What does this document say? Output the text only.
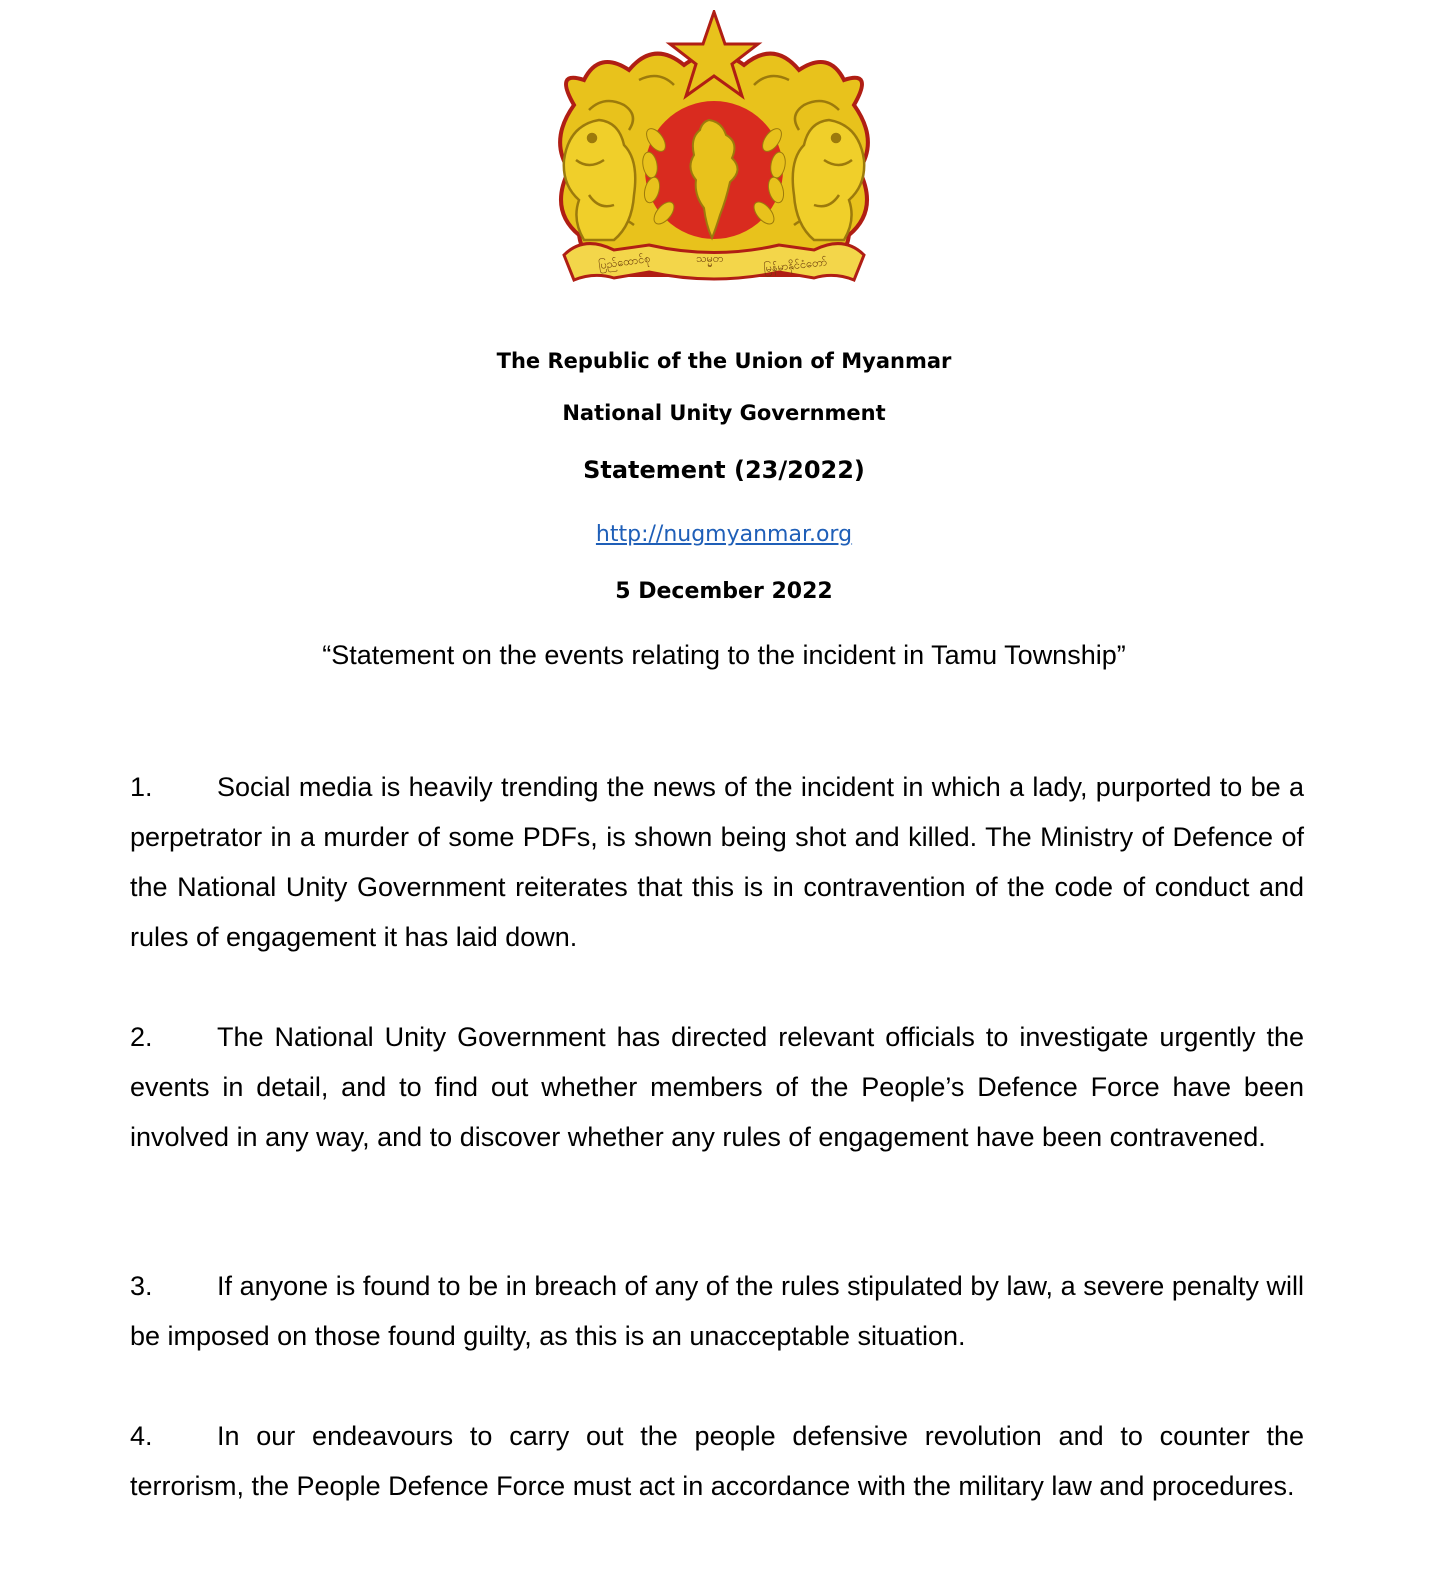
ပြည်ထောင်စု	သမ္မတ	မြန်မာနိုင်ငံတော်
The Republic of the Union of Myanmar
National Unity Government
Statement (23/2022)
http://nugmyanmar.org
5 December 2022
“Statement on the events relating to the incident in Tamu Township”

1. Social media is heavily trending the news of the incident in which a lady, purported to be a perpetrator in a murder of some PDFs, is shown being shot and killed. The Ministry of Defence of the National Unity Government reiterates that this is in contravention of the code of conduct and rules of engagement it has laid down.

2. The National Unity Government has directed relevant officials to investigate urgently the events in detail, and to find out whether members of the People’s Defence Force have been involved in any way, and to discover whether any rules of engagement have been contravened.

3. If anyone is found to be in breach of any of the rules stipulated by law, a severe penalty will be imposed on those found guilty, as this is an unacceptable situation.

4. In our endeavours to carry out the people defensive revolution and to counter the terrorism, the People Defence Force must act in accordance with the military law and procedures.
